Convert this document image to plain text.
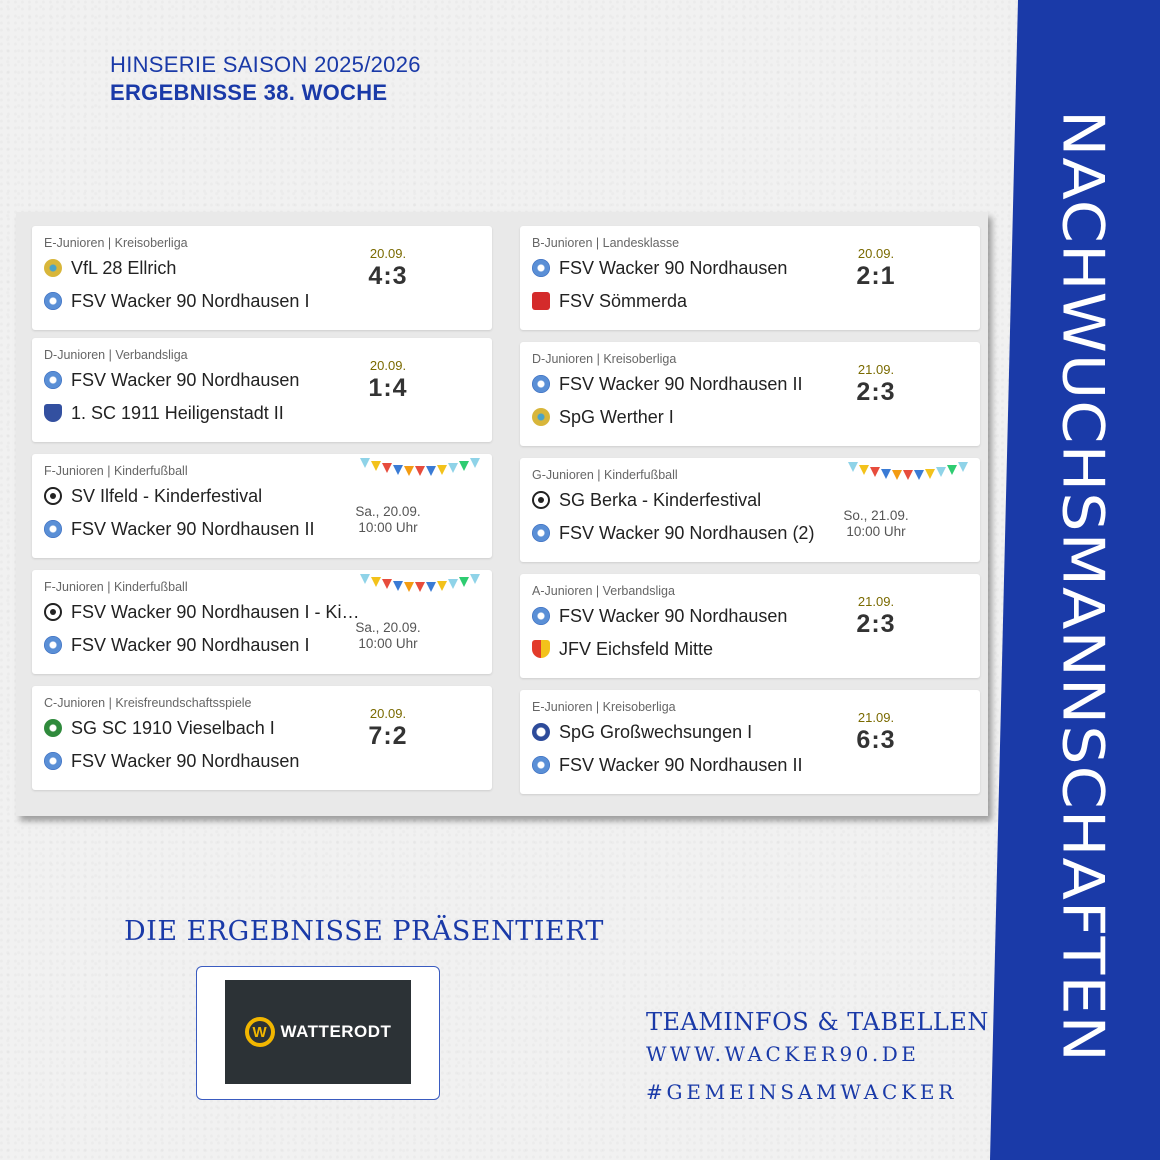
NACHWUCHSMANNSCHAFTEN
HINSERIE SAISON 2025/2026
ERGEBNISSE 38. WOCHE
E-Junioren | Kreisoberliga
VfL 28 Ellrich
FSV Wacker 90 Nordhausen I
20.09.
4:3
D-Junioren | Verbandsliga
FSV Wacker 90 Nordhausen
1. SC 1911 Heiligenstadt II
20.09.
1:4
F-Junioren | Kinderfußball
SV Ilfeld - Kinderfestival
FSV Wacker 90 Nordhausen II
Sa., 20.09.
10:00 Uhr
F-Junioren | Kinderfußball
FSV Wacker 90 Nordhausen I - Ki…
FSV Wacker 90 Nordhausen I
Sa., 20.09.
10:00 Uhr
C-Junioren | Kreisfreundschaftsspiele
SG SC 1910 Vieselbach I
FSV Wacker 90 Nordhausen
20.09.
7:2
B-Junioren | Landesklasse
FSV Wacker 90 Nordhausen
FSV Sömmerda
20.09.
2:1
D-Junioren | Kreisoberliga
FSV Wacker 90 Nordhausen II
SpG Werther I
21.09.
2:3
G-Junioren | Kinderfußball
SG Berka - Kinderfestival
FSV Wacker 90 Nordhausen (2)
So., 21.09.
10:00 Uhr
A-Junioren | Verbandsliga
FSV Wacker 90 Nordhausen
JFV Eichsfeld Mitte
21.09.
2:3
E-Junioren | Kreisoberliga
SpG Großwechsungen I
FSV Wacker 90 Nordhausen II
21.09.
6:3
DIE ERGEBNISSE PRÄSENTIERT
W WATTERODT	TEAMINFOS & TABELLEN
WWW.WACKER90.DE
#GEMEINSAMWACKER
